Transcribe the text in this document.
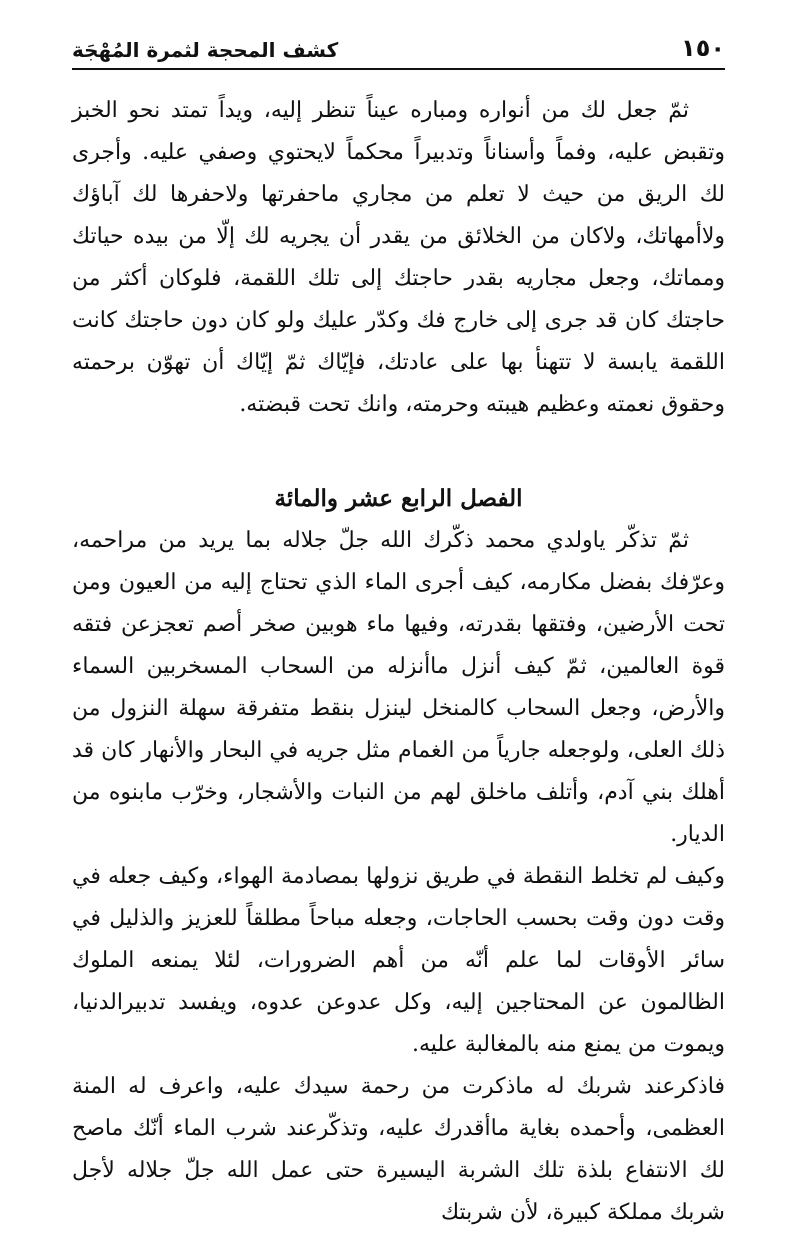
١٥٠
كشف المحجة لثمرة المُهْجَة

ثمّ جعل لك من أنواره ومباره عيناً تنظر إليه، ويداً تمتد نحو الخبز وتقبض عليه، وفماً وأسناناً وتدبيراً محكماً لايحتوي وصفي عليه. وأجرى لك الريق من حيث لا تعلم من مجاري ماحفرتها ولاحفرها لك آباؤك ولاأمهاتك، ولاكان من الخلائق من يقدر أن يجريه لك إلّا من بيده حياتك ومماتك، وجعل مجاريه بقدر حاجتك إلى تلك اللقمة، فلوكان أكثر من حاجتك كان قد جرى إلى خارج فك وكدّر عليك ولو كان دون حاجتك كانت اللقمة يابسة لا تتهنأ بها على عادتك، فإيّاك ثمّ إيّاك أن تهوّن برحمته وحقوق نعمته وعظيم هيبته وحرمته، وانك تحت قبضته.

الفصل الرابع عشر والمائة

ثمّ تذكّر ياولدي محمد ذكّرك الله جلّ جلاله بما يريد من مراحمه، وعرّفك بفضل مكارمه، كيف أجرى الماء الذي تحتاج إليه من العيون ومن تحت الأرضين، وفتقها بقدرته، وفيها ماء هوبين صخر أصم تعجزعن فتقه قوة العالمين، ثمّ كيف أنزل ماأنزله من السحاب المسخربين السماء والأرض، وجعل السحاب كالمنخل لينزل بنقط متفرقة سهلة النزول من ذلك العلى، ولوجعله جارياً من الغمام مثل جريه في البحار والأنهار كان قد أهلك بني آدم، وأتلف ماخلق لهم من النبات والأشجار، وخرّب مابنوه من الديار.

وكيف لم تخلط النقطة في طريق نزولها بمصادمة الهواء، وكيف جعله في وقت دون وقت بحسب الحاجات، وجعله مباحاً مطلقاً للعزيز والذليل في سائر الأوقات لما علم أنّه من أهم الضرورات، لئلا يمنعه الملوك الظالمون عن المحتاجين إليه، وكل عدوعن عدوه، ويفسد تدبيرالدنيا، ويموت من يمنع منه بالمغالبة عليه.

فاذكرعند شربك له ماذكرت من رحمة سيدك عليه، واعرف له المنة العظمى، وأحمده بغاية ماأقدرك عليه، وتذكّرعند شرب الماء أنّك ماصح لك الانتفاع بلذة تلك الشربة اليسيرة حتى عمل الله جلّ جلاله لأجل شربك مملكة كبيرة، لأن شربتك
